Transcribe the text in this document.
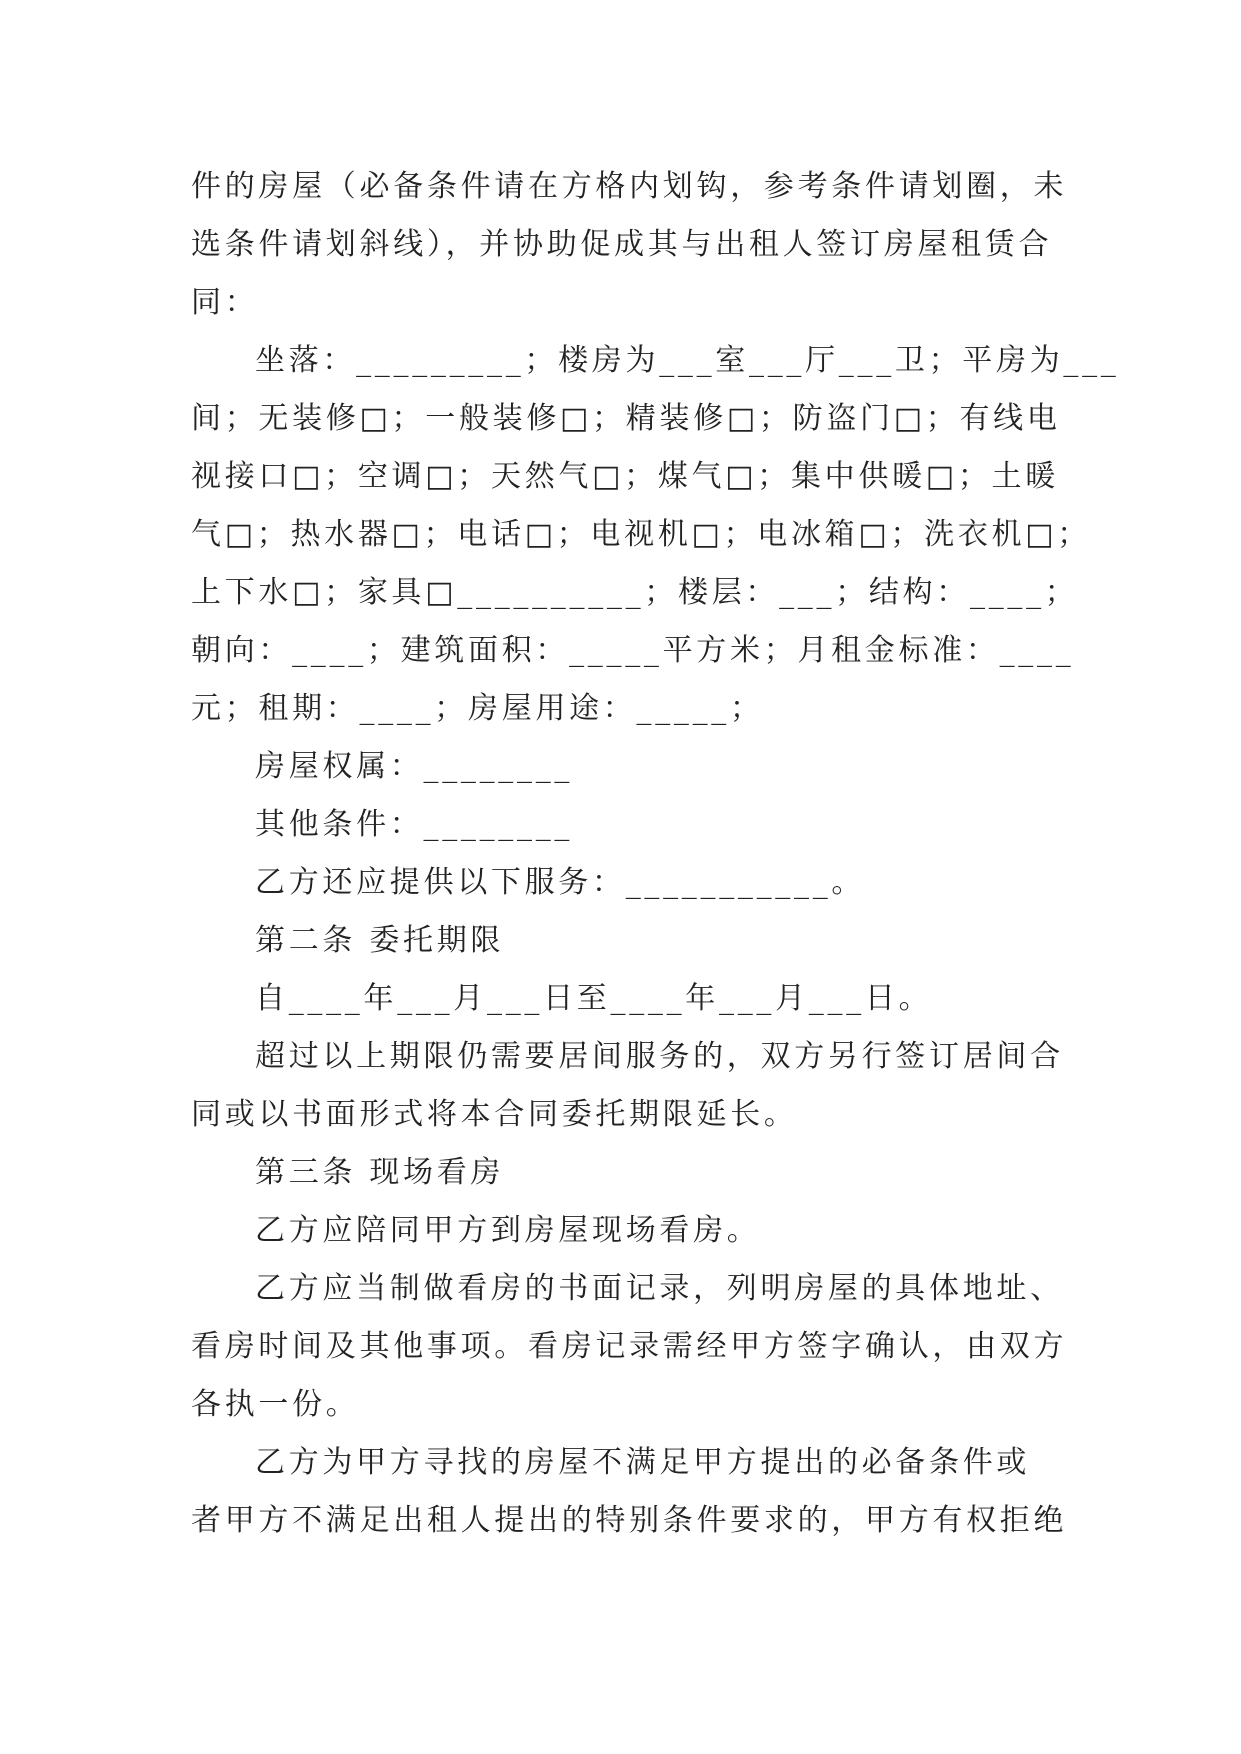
件的房屋（必备条件请在方格内划钩，参考条件请划圈，未
选条件请划斜线），并协助促成其与出租人签订房屋租赁合
同：
坐落：_________；楼房为___室___厅___卫；平房为___
间；无装修□；一般装修□；精装修□；防盗门□；有线电
视接口□；空调□；天然气□；煤气□；集中供暖□；土暖
气□；热水器□；电话□；电视机□；电冰箱□；洗衣机□；
上下水□；家具□__________；楼层：___；结构：____；
朝向：____；建筑面积：_____平方米；月租金标准：____
元；租期：____；房屋用途：_____；
房屋权属：________
其他条件：________
乙方还应提供以下服务：___________。
第二条 委托期限
自____年___月___日至____年___月___日。
超过以上期限仍需要居间服务的，双方另行签订居间合
同或以书面形式将本合同委托期限延长。
第三条 现场看房
乙方应陪同甲方到房屋现场看房。
乙方应当制做看房的书面记录，列明房屋的具体地址、
看房时间及其他事项。看房记录需经甲方签字确认，由双方
各执一份。
乙方为甲方寻找的房屋不满足甲方提出的必备条件或
者甲方不满足出租人提出的特别条件要求的，甲方有权拒绝
